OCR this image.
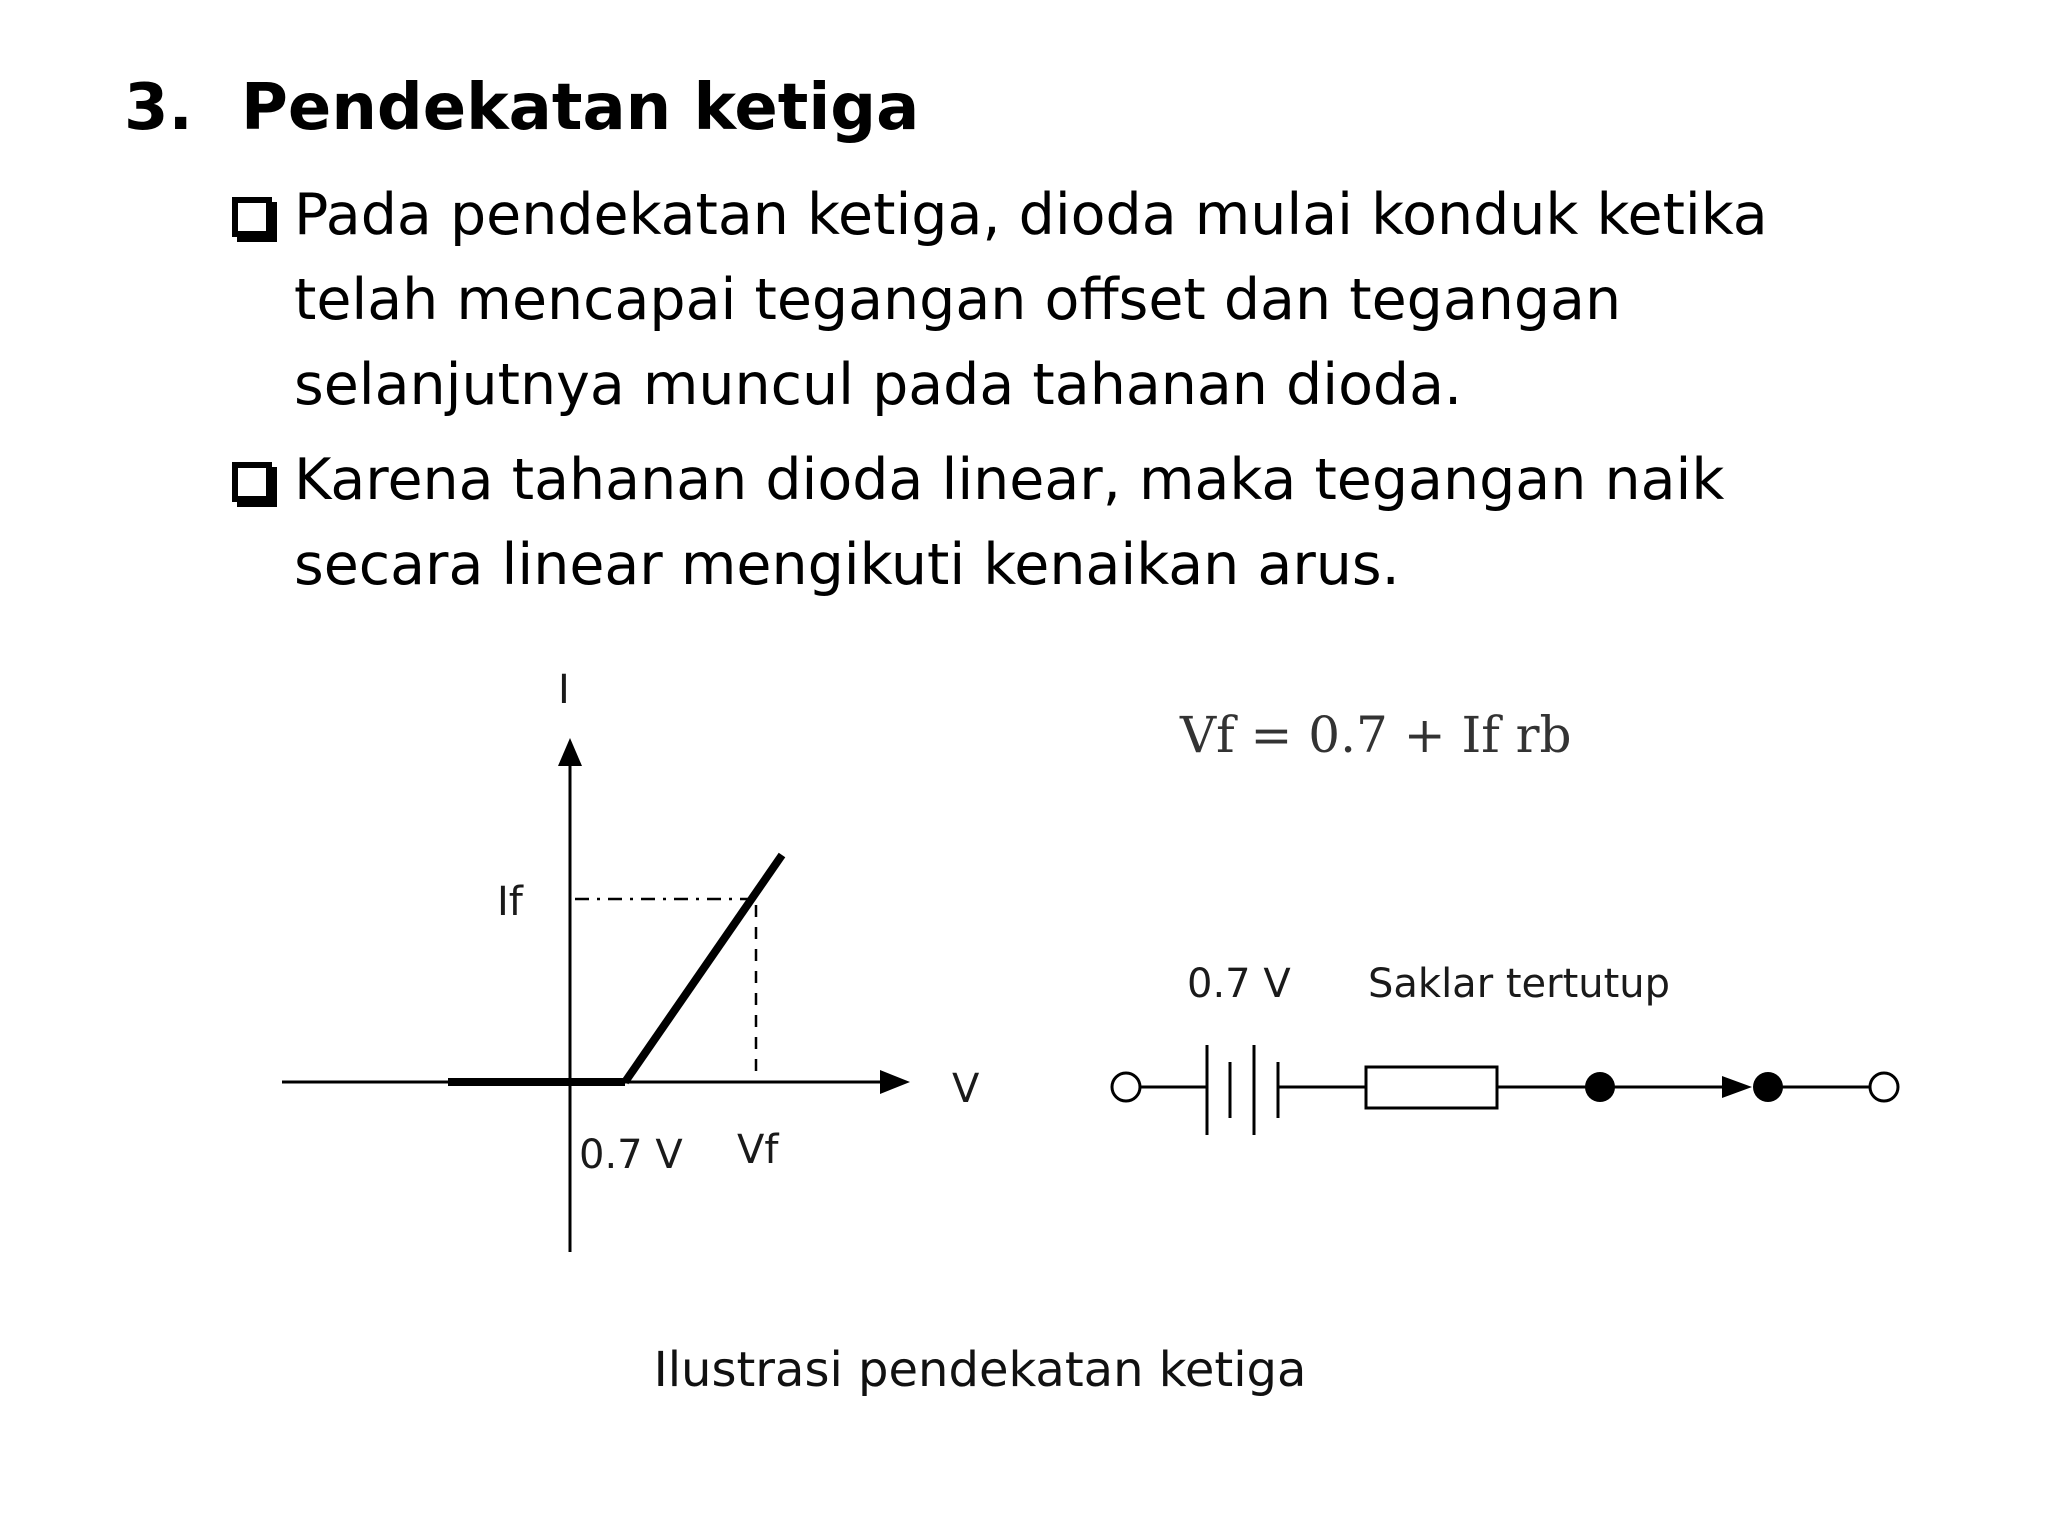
3. Pendekatan ketiga
Pada pendekatan ketiga, dioda mulai konduk ketika telah mencapai tegangan offset dan tegangan selanjutnya muncul pada tahanan dioda.
Karena tahanan dioda linear, maka tegangan naik secara linear mengikuti kenaikan arus.
I
V
If
0.7 V Vf
Vf = 0.7 + If rb
0.7 V Saklar tertutup
Ilustrasi pendekatan ketiga
